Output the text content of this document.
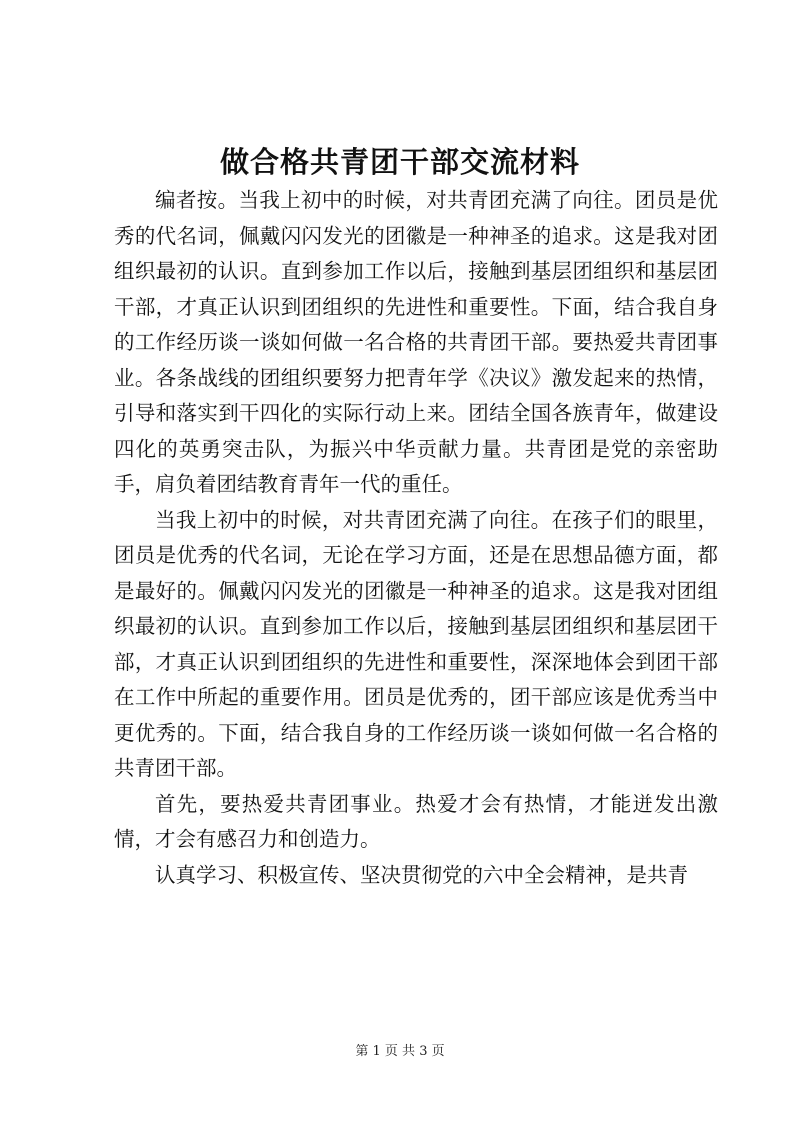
做合格共青团干部交流材料

编者按。当我上初中的时候，对共青团充满了向往。团员是优秀的代名词，佩戴闪闪发光的团徽是一种神圣的追求。这是我对团组织最初的认识。直到参加工作以后，接触到基层团组织和基层团干部，才真正认识到团组织的先进性和重要性。下面，结合我自身的工作经历谈一谈如何做一名合格的共青团干部。要热爱共青团事业。各条战线的团组织要努力把青年学《决议》激发起来的热情，引导和落实到干四化的实际行动上来。团结全国各族青年，做建设四化的英勇突击队，为振兴中华贡献力量。共青团是党的亲密助手，肩负着团结教育青年一代的重任。

当我上初中的时候，对共青团充满了向往。在孩子们的眼里，团员是优秀的代名词，无论在学习方面，还是在思想品德方面，都是最好的。佩戴闪闪发光的团徽是一种神圣的追求。这是我对团组织最初的认识。直到参加工作以后，接触到基层团组织和基层团干部，才真正认识到团组织的先进性和重要性，深深地体会到团干部在工作中所起的重要作用。团员是优秀的，团干部应该是优秀当中更优秀的。下面，结合我自身的工作经历谈一谈如何做一名合格的共青团干部。

首先，要热爱共青团事业。热爱才会有热情，才能迸发出激情，才会有感召力和创造力。

认真学习、积极宣传、坚决贯彻党的六中全会精神，是共青

第 1 页 共 3 页
